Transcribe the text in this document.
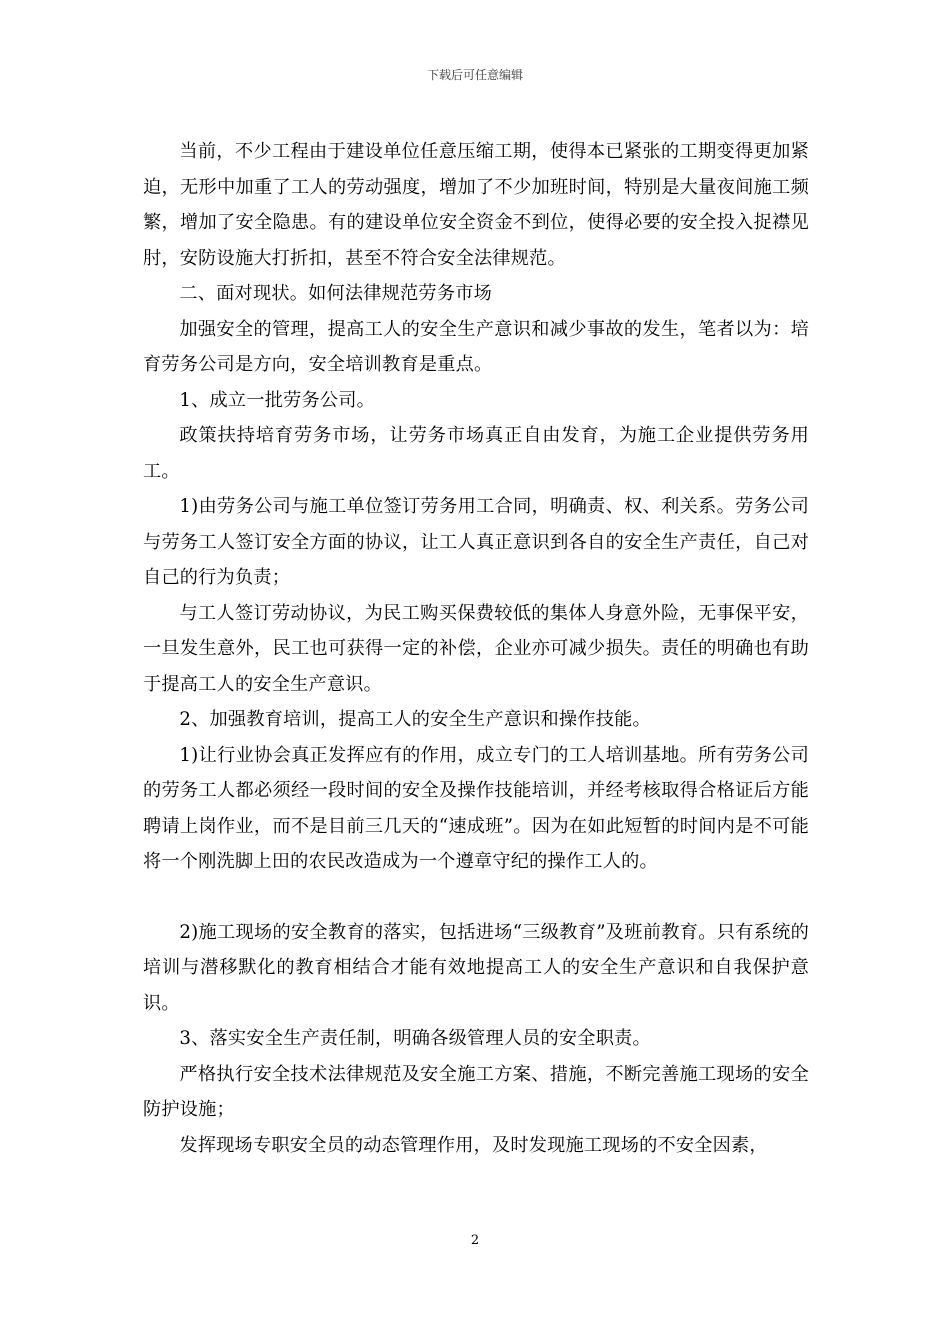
下载后可任意编辑

当前，不少工程由于建设单位任意压缩工期，使得本已紧张的工期变得更加紧迫，无形中加重了工人的劳动强度，增加了不少加班时间，特别是大量夜间施工频繁，增加了安全隐患。有的建设单位安全资金不到位，使得必要的安全投入捉襟见肘，安防设施大打折扣，甚至不符合安全法律规范。

二、面对现状。如何法律规范劳务市场

加强安全的管理，提高工人的安全生产意识和减少事故的发生，笔者以为：培育劳务公司是方向，安全培训教育是重点。

1、成立一批劳务公司。

政策扶持培育劳务市场，让劳务市场真正自由发育，为施工企业提供劳务用工。

1)由劳务公司与施工单位签订劳务用工合同，明确责、权、利关系。劳务公司与劳务工人签订安全方面的协议，让工人真正意识到各自的安全生产责任，自己对自己的行为负责；

与工人签订劳动协议，为民工购买保费较低的集体人身意外险，无事保平安，一旦发生意外，民工也可获得一定的补偿，企业亦可减少损失。责任的明确也有助于提高工人的安全生产意识。

2、加强教育培训，提高工人的安全生产意识和操作技能。

1)让行业协会真正发挥应有的作用，成立专门的工人培训基地。所有劳务公司的劳务工人都必须经一段时间的安全及操作技能培训，并经考核取得合格证后方能聘请上岗作业，而不是目前三几天的“速成班”。因为在如此短暂的时间内是不可能将一个刚洗脚上田的农民改造成为一个遵章守纪的操作工人的。

2)施工现场的安全教育的落实，包括进场“三级教育”及班前教育。只有系统的培训与潜移默化的教育相结合才能有效地提高工人的安全生产意识和自我保护意识。

3、落实安全生产责任制，明确各级管理人员的安全职责。

严格执行安全技术法律规范及安全施工方案、措施，不断完善施工现场的安全防护设施；

发挥现场专职安全员的动态管理作用，及时发现施工现场的不安全因素，

2
